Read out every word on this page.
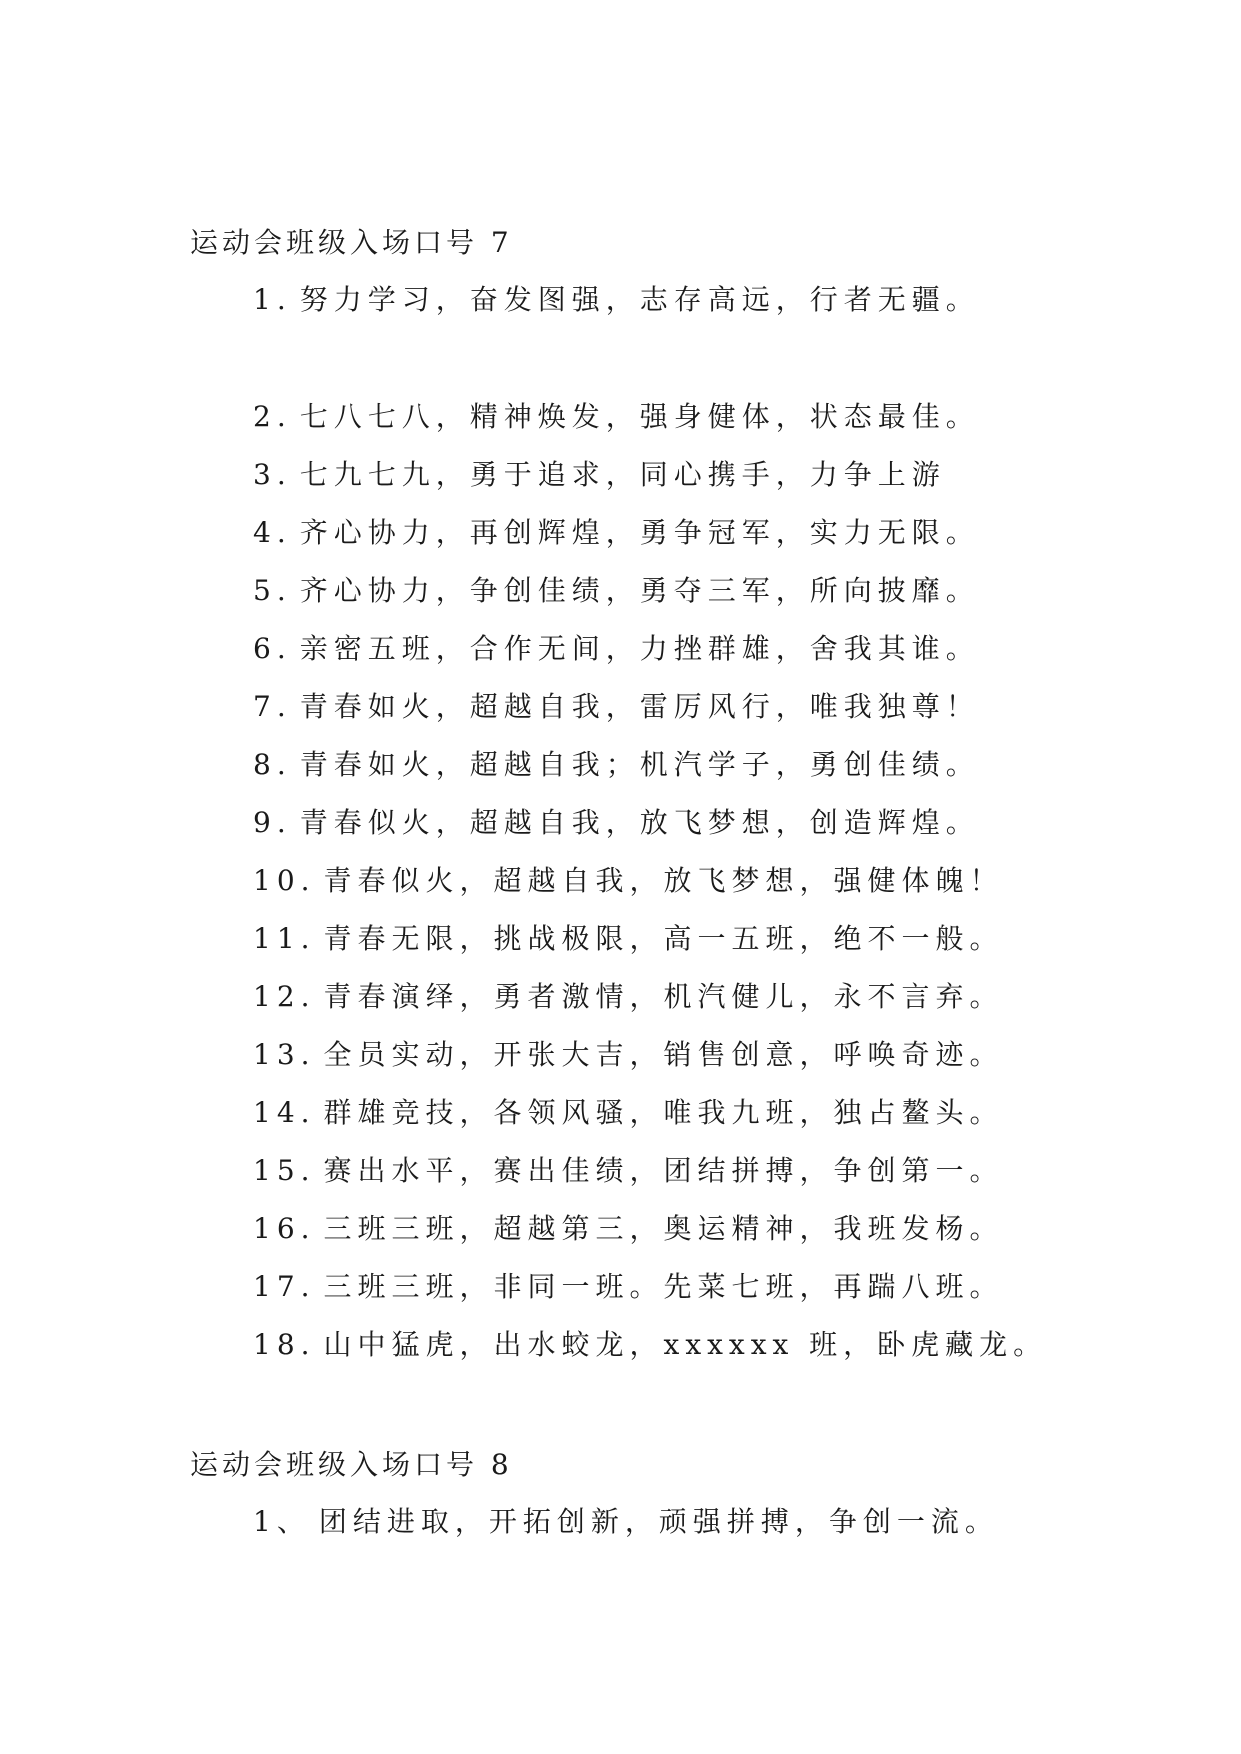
运动会班级入场口号 7
1. 努力学习，奋发图强，志存高远，行者无疆。
2. 七八七八，精神焕发，强身健体，状态最佳。
3. 七九七九，勇于追求，同心携手，力争上游
4. 齐心协力，再创辉煌，勇争冠军，实力无限。
5. 齐心协力，争创佳绩，勇夺三军，所向披靡。
6. 亲密五班，合作无间，力挫群雄，舍我其谁。
7. 青春如火，超越自我，雷厉风行，唯我独尊！
8. 青春如火，超越自我；机汽学子，勇创佳绩。
9. 青春似火，超越自我，放飞梦想，创造辉煌。
10. 青春似火，超越自我，放飞梦想，强健体魄！
11. 青春无限，挑战极限，高一五班，绝不一般。
12. 青春演绎，勇者激情，机汽健儿，永不言弃。
13. 全员实动，开张大吉，销售创意，呼唤奇迹。
14. 群雄竞技，各领风骚，唯我九班，独占鳌头。
15. 赛出水平，赛出佳绩，团结拼搏，争创第一。
16. 三班三班，超越第三，奥运精神，我班发杨。
17. 三班三班，非同一班。先菜七班，再踹八班。
18. 山中猛虎，出水蛟龙，xxxxxx 班，卧虎藏龙。
运动会班级入场口号 8
1、 团结进取，开拓创新，顽强拼搏，争创一流。
